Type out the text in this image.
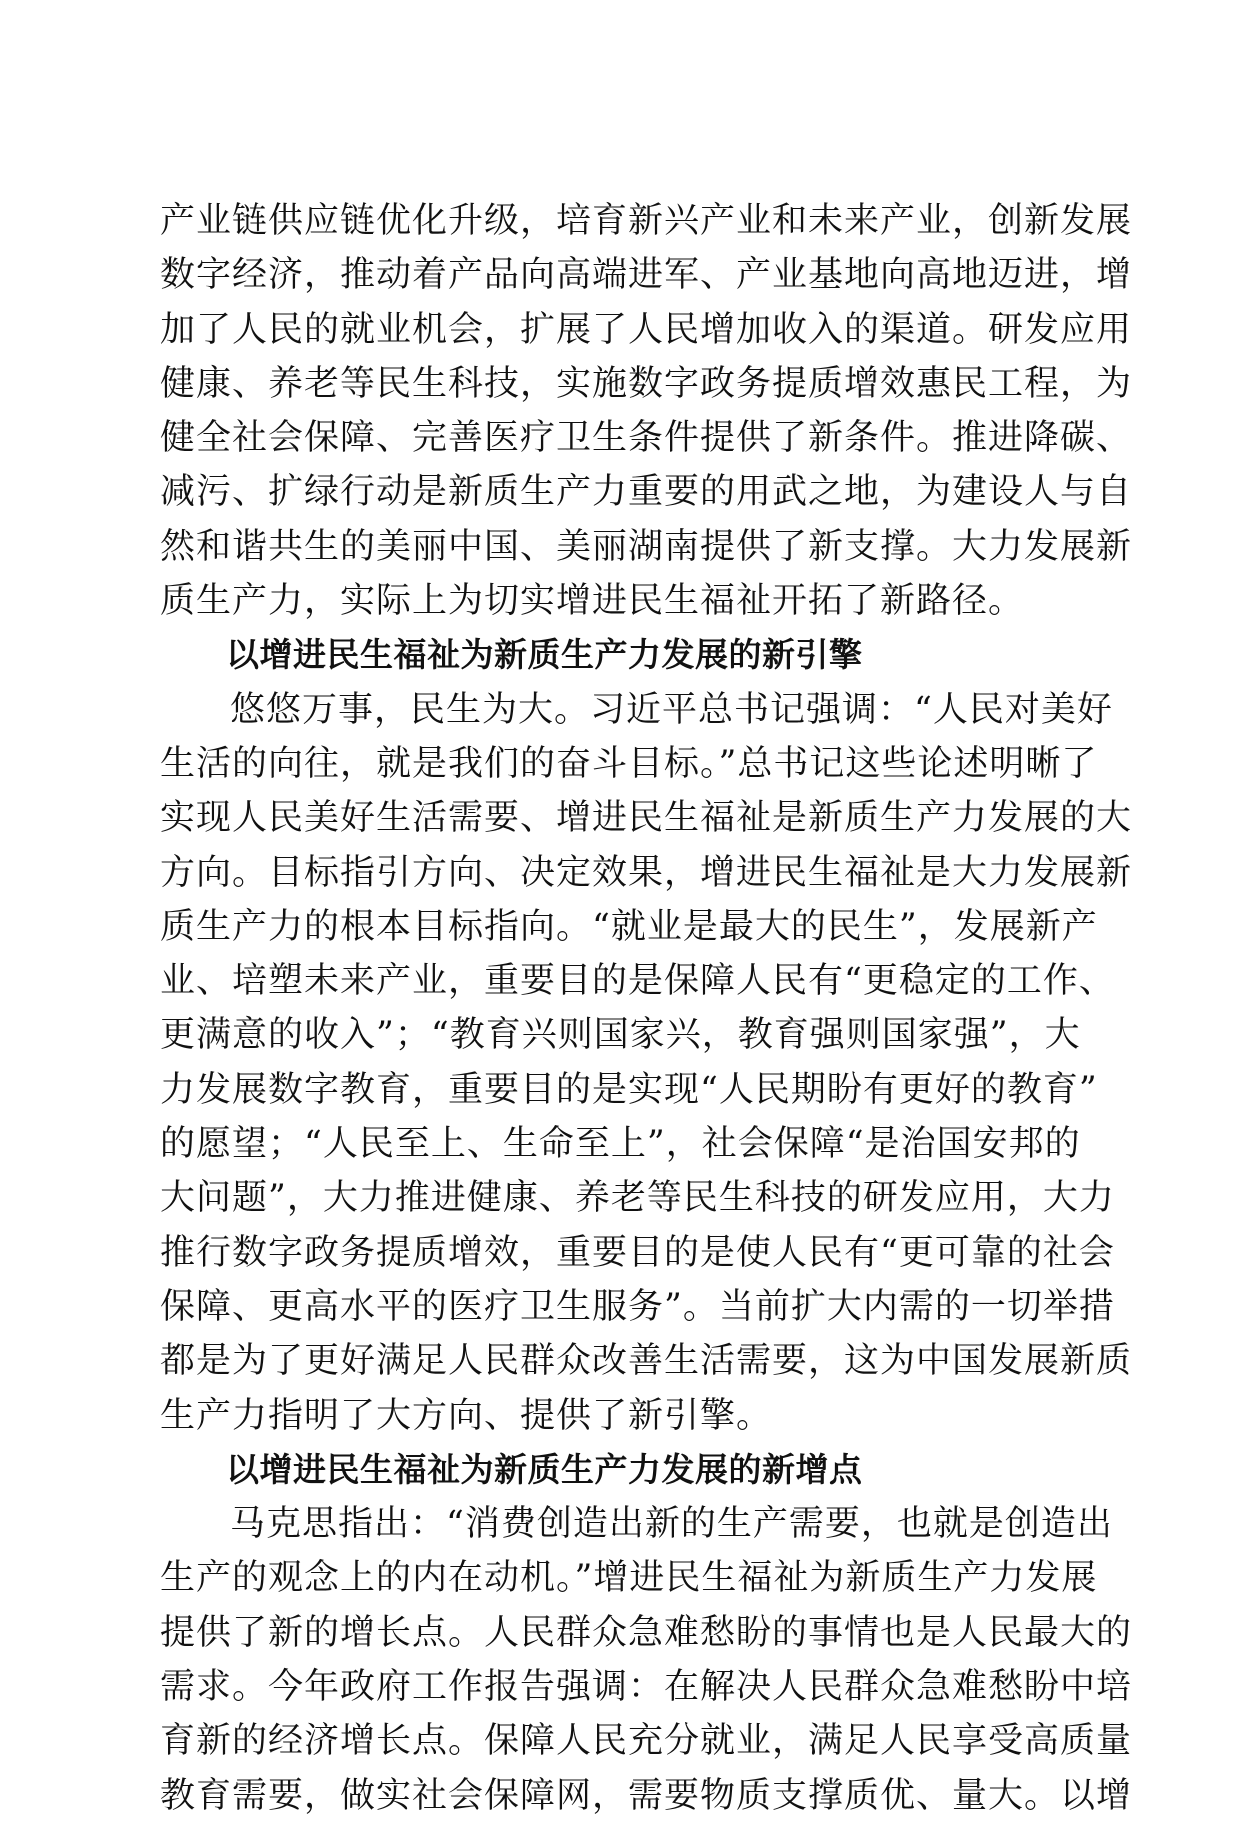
产业链供应链优化升级，培育新兴产业和未来产业，创新发展
数字经济，推动着产品向高端进军、产业基地向高地迈进，增
加了人民的就业机会，扩展了人民增加收入的渠道。研发应用
健康、养老等民生科技，实施数字政务提质增效惠民工程，为
健全社会保障、完善医疗卫生条件提供了新条件。推进降碳、
减污、扩绿行动是新质生产力重要的用武之地，为建设人与自
然和谐共生的美丽中国、美丽湖南提供了新支撑。大力发展新
质生产力，实际上为切实增进民生福祉开拓了新路径。
以增进民生福祉为新质生产力发展的新引擎
悠悠万事，民生为大。习近平总书记强调：“人民对美好
生活的向往，就是我们的奋斗目标。”总书记这些论述明晰了
实现人民美好生活需要、增进民生福祉是新质生产力发展的大
方向。目标指引方向、决定效果，增进民生福祉是大力发展新
质生产力的根本目标指向。“就业是最大的民生”，发展新产
业、培塑未来产业，重要目的是保障人民有“更稳定的工作、
更满意的收入”；“教育兴则国家兴，教育强则国家强”，大
力发展数字教育，重要目的是实现“人民期盼有更好的教育”
的愿望；“人民至上、生命至上”，社会保障“是治国安邦的
大问题”，大力推进健康、养老等民生科技的研发应用，大力
推行数字政务提质增效，重要目的是使人民有“更可靠的社会
保障、更高水平的医疗卫生服务”。当前扩大内需的一切举措
都是为了更好满足人民群众改善生活需要，这为中国发展新质
生产力指明了大方向、提供了新引擎。
以增进民生福祉为新质生产力发展的新增点
马克思指出：“消费创造出新的生产需要，也就是创造出
生产的观念上的内在动机。”增进民生福祉为新质生产力发展
提供了新的增长点。人民群众急难愁盼的事情也是人民最大的
需求。今年政府工作报告强调：在解决人民群众急难愁盼中培
育新的经济增长点。保障人民充分就业，满足人民享受高质量
教育需要，做实社会保障网，需要物质支撑质优、量大。以增
